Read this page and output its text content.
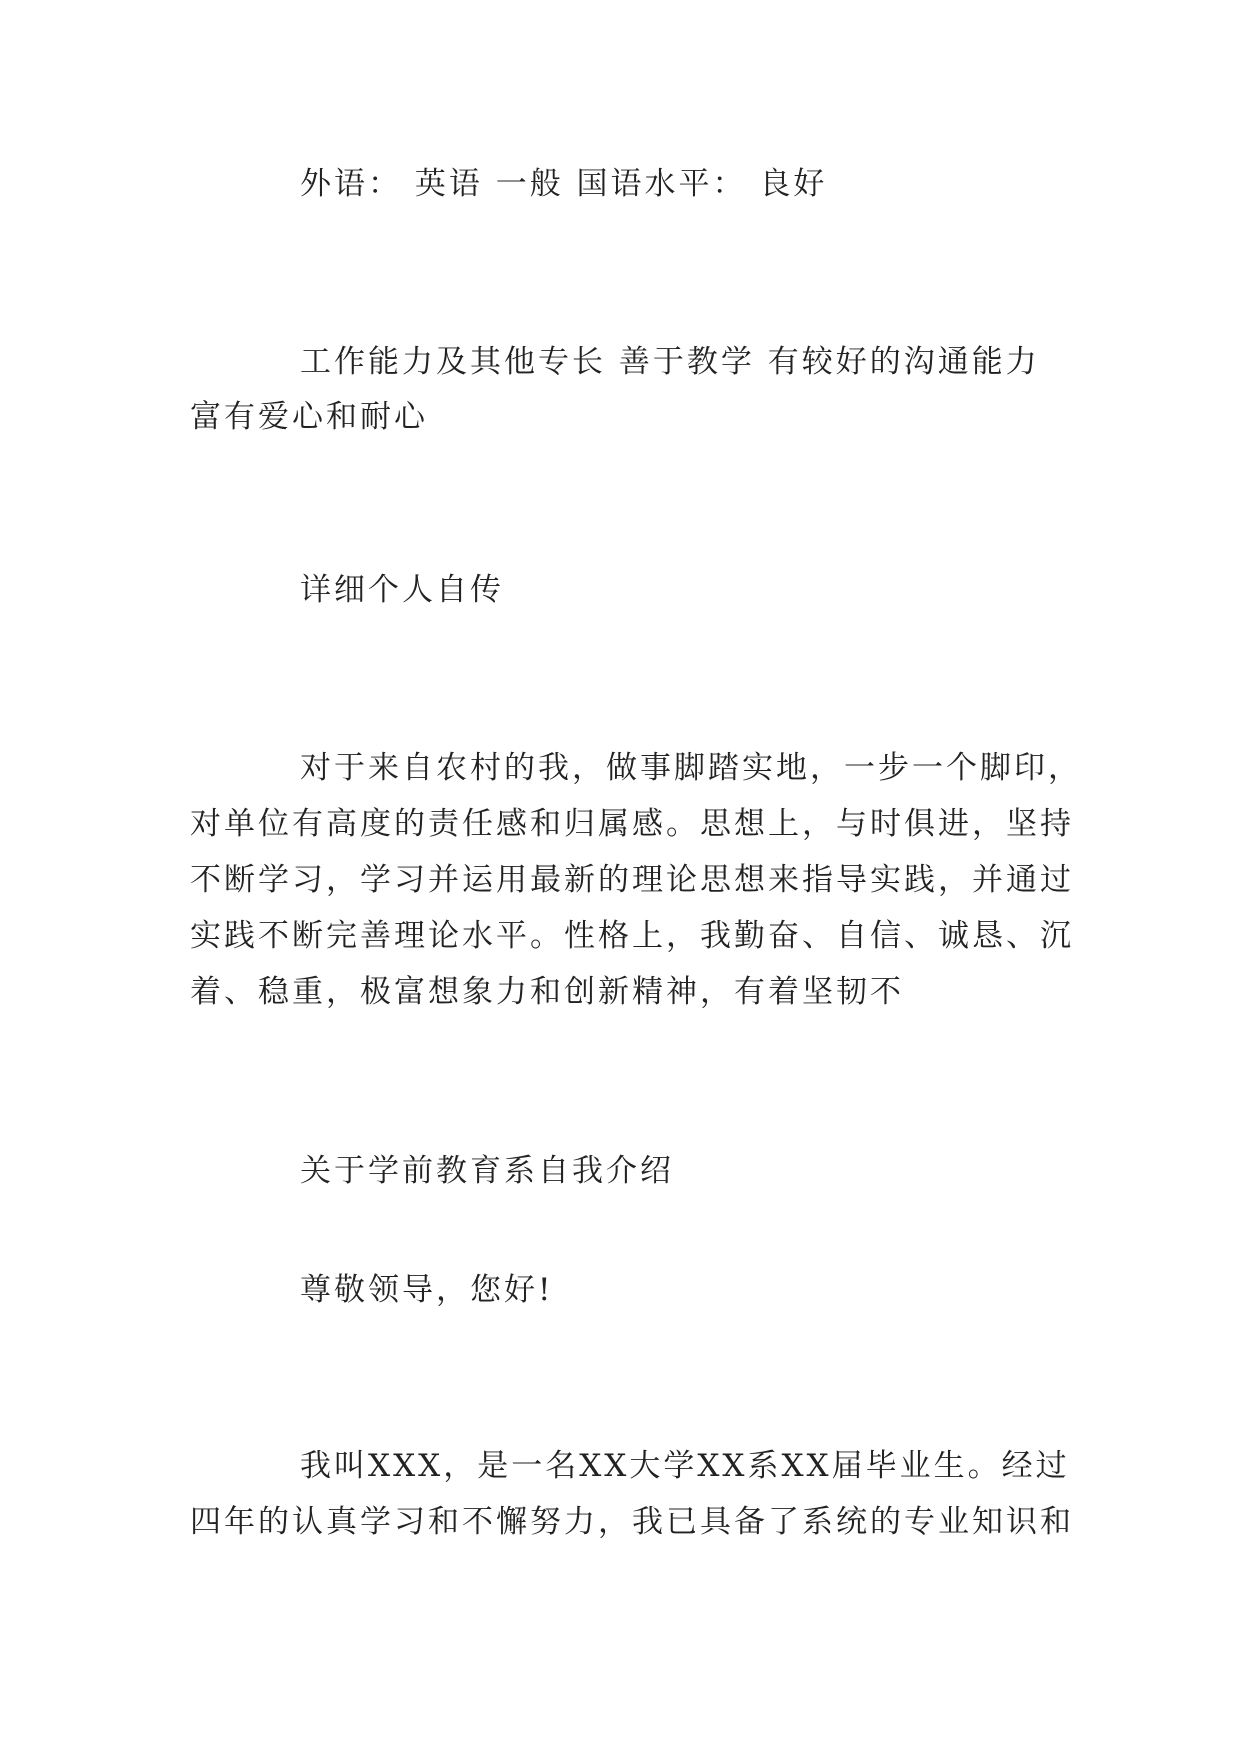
外语： 英语 一般 国语水平： 良好
工作能力及其他专长 善于教学 有较好的沟通能力
富有爱心和耐心
详细个人自传
对于来自农村的我，做事脚踏实地，一步一个脚印，
对单位有高度的责任感和归属感。思想上，与时俱进，坚持
不断学习，学习并运用最新的理论思想来指导实践，并通过
实践不断完善理论水平。性格上，我勤奋、自信、诚恳、沉
着、稳重，极富想象力和创新精神，有着坚韧不
关于学前教育系自我介绍
尊敬领导，您好!
我叫XXX，是一名XX大学XX系XX届毕业生。经过
四年的认真学习和不懈努力，我已具备了系统的专业知识和
